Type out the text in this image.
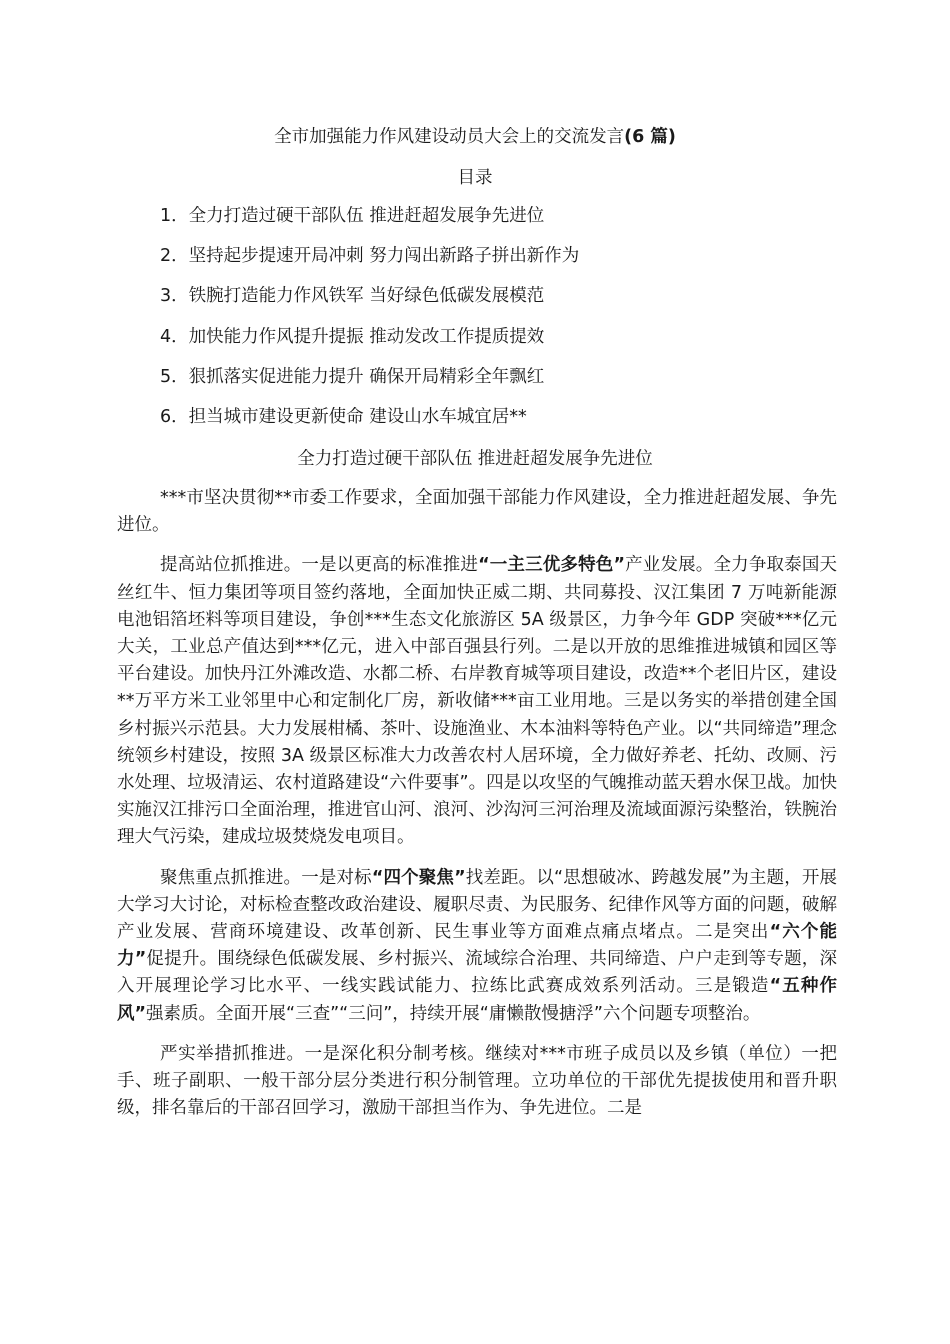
全市加强能力作风建设动员大会上的交流发言(6 篇)
目录
1．全力打造过硬干部队伍 推进赶超发展争先进位
2．坚持起步提速开局冲刺 努力闯出新路子拼出新作为
3．铁腕打造能力作风铁军 当好绿色低碳发展模范
4．加快能力作风提升提振 推动发改工作提质提效
5．狠抓落实促进能力提升 确保开局精彩全年飘红
6．担当城市建设更新使命 建设山水车城宜居**
全力打造过硬干部队伍 推进赶超发展争先进位

***市坚决贯彻**市委工作要求，全面加强干部能力作风建设，全力推进赶超发展、争先进位。

提高站位抓推进。一是以更高的标准推进“一主三优多特色”产业发展。全力争取泰国天丝红牛、恒力集团等项目签约落地，全面加快正威二期、共同募投、汉江集团 7 万吨新能源电池铝箔坯料等项目建设，争创***生态文化旅游区 5A 级景区，力争今年 GDP 突破***亿元大关，工业总产值达到***亿元，进入中部百强县行列。二是以开放的思维推进城镇和园区等平台建设。加快丹江外滩改造、水都二桥、右岸教育城等项目建设，改造**个老旧片区，建设**万平方米工业邻里中心和定制化厂房，新收储***亩工业用地。三是以务实的举措创建全国乡村振兴示范县。大力发展柑橘、茶叶、设施渔业、木本油料等特色产业。以“共同缔造”理念统领乡村建设，按照 3A 级景区标准大力改善农村人居环境，全力做好养老、托幼、改厕、污水处理、垃圾清运、农村道路建设“六件要事”。四是以攻坚的气魄推动蓝天碧水保卫战。加快实施汉江排污口全面治理，推进官山河、浪河、沙沟河三河治理及流域面源污染整治，铁腕治理大气污染，建成垃圾焚烧发电项目。

聚焦重点抓推进。一是对标“四个聚焦”找差距。以“思想破冰、跨越发展”为主题，开展大学习大讨论，对标检查整改政治建设、履职尽责、为民服务、纪律作风等方面的问题，破解产业发展、营商环境建设、改革创新、民生事业等方面难点痛点堵点。二是突出“六个能力”促提升。围绕绿色低碳发展、乡村振兴、流域综合治理、共同缔造、户户走到等专题，深入开展理论学习比水平、一线实践试能力、拉练比武赛成效系列活动。三是锻造“五种作风”强素质。全面开展“三查”“三问”，持续开展“庸懒散慢搪浮”六个问题专项整治。

严实举措抓推进。一是深化积分制考核。继续对***市班子成员以及乡镇（单位）一把手、班子副职、一般干部分层分类进行积分制管理。立功单位的干部优先提拔使用和晋升职级，排名靠后的干部召回学习，激励干部担当作为、争先进位。二是
